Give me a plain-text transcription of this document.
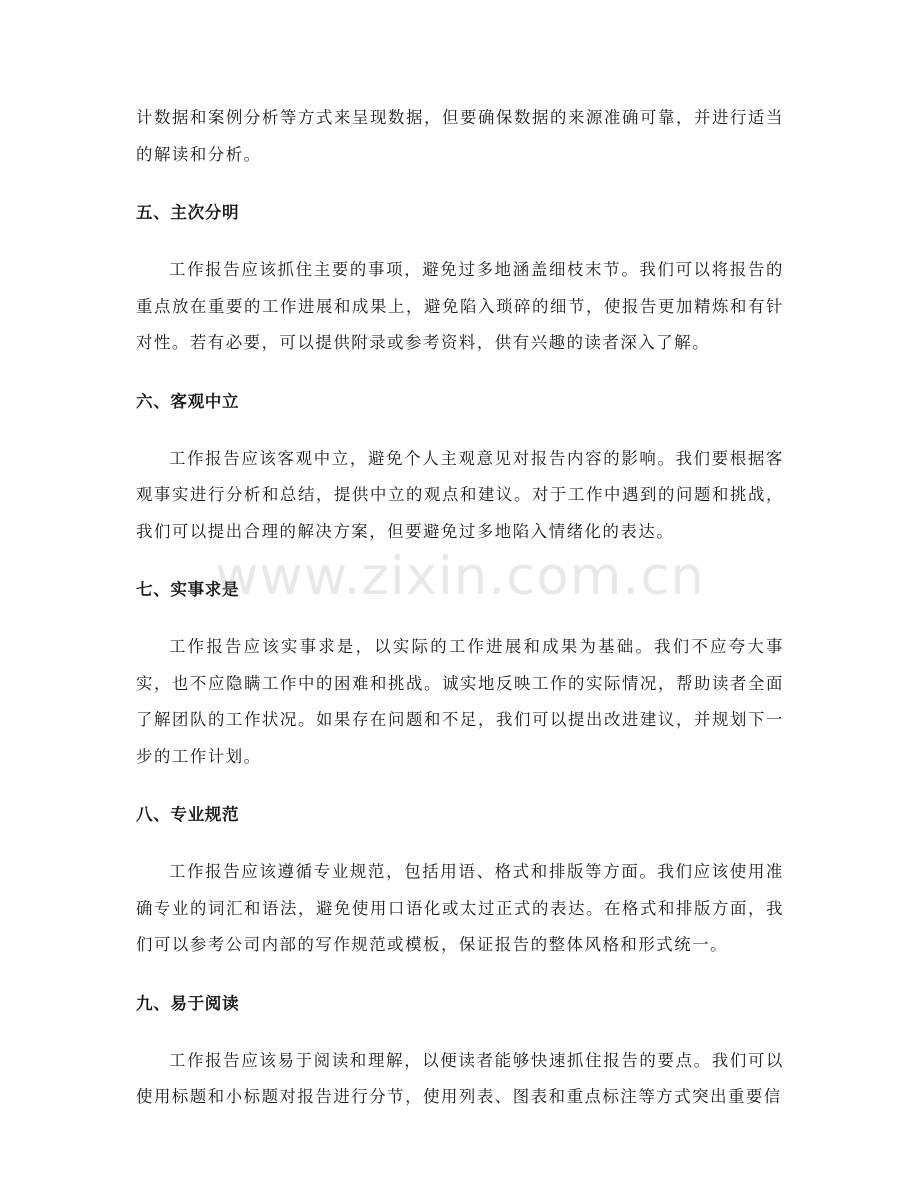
计数据和案例分析等方式来呈现数据，但要确保数据的来源准确可靠，并进行适当的解读和分析。

五、主次分明

工作报告应该抓住主要的事项，避免过多地涵盖细枝末节。我们可以将报告的重点放在重要的工作进展和成果上，避免陷入琐碎的细节，使报告更加精炼和有针对性。若有必要，可以提供附录或参考资料，供有兴趣的读者深入了解。

六、客观中立

工作报告应该客观中立，避免个人主观意见对报告内容的影响。我们要根据客观事实进行分析和总结，提供中立的观点和建议。对于工作中遇到的问题和挑战，我们可以提出合理的解决方案，但要避免过多地陷入情绪化的表达。

七、实事求是

工作报告应该实事求是，以实际的工作进展和成果为基础。我们不应夸大事实，也不应隐瞒工作中的困难和挑战。诚实地反映工作的实际情况，帮助读者全面了解团队的工作状况。如果存在问题和不足，我们可以提出改进建议，并规划下一步的工作计划。

八、专业规范

工作报告应该遵循专业规范，包括用语、格式和排版等方面。我们应该使用准确专业的词汇和语法，避免使用口语化或太过正式的表达。在格式和排版方面，我们可以参考公司内部的写作规范或模板，保证报告的整体风格和形式统一。

九、易于阅读

工作报告应该易于阅读和理解，以便读者能够快速抓住报告的要点。我们可以使用标题和小标题对报告进行分节，使用列表、图表和重点标注等方式突出重要信

www.zixin.com.cn
